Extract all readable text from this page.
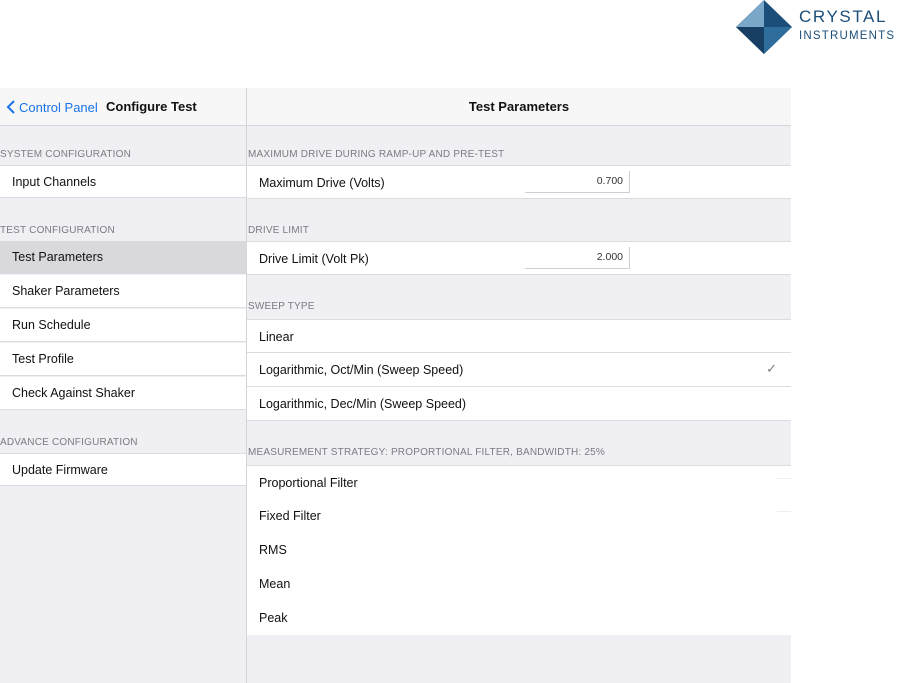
CRYSTAL
INSTRUMENTS
Control Panel Configure Test
SYSTEM CONFIGURATION
Input Channels
TEST CONFIGURATION
Test Parameters
Shaker Parameters
Run Schedule
Test Profile
Check Against Shaker
ADVANCE CONFIGURATION
Update Firmware
Test Parameters
MAXIMUM DRIVE DURING RAMP-UP AND PRE-TEST
Maximum Drive (Volts)	0.700
DRIVE LIMIT
Drive Limit (Volt Pk)	2.000
SWEEP TYPE
Linear
Logarithmic, Oct/Min (Sweep Speed)	✓
Logarithmic, Dec/Min (Sweep Speed)
MEASUREMENT STRATEGY: PROPORTIONAL FILTER, BANDWIDTH: 25%
Proportional Filter
Fixed Filter
RMS
Mean
Peak
